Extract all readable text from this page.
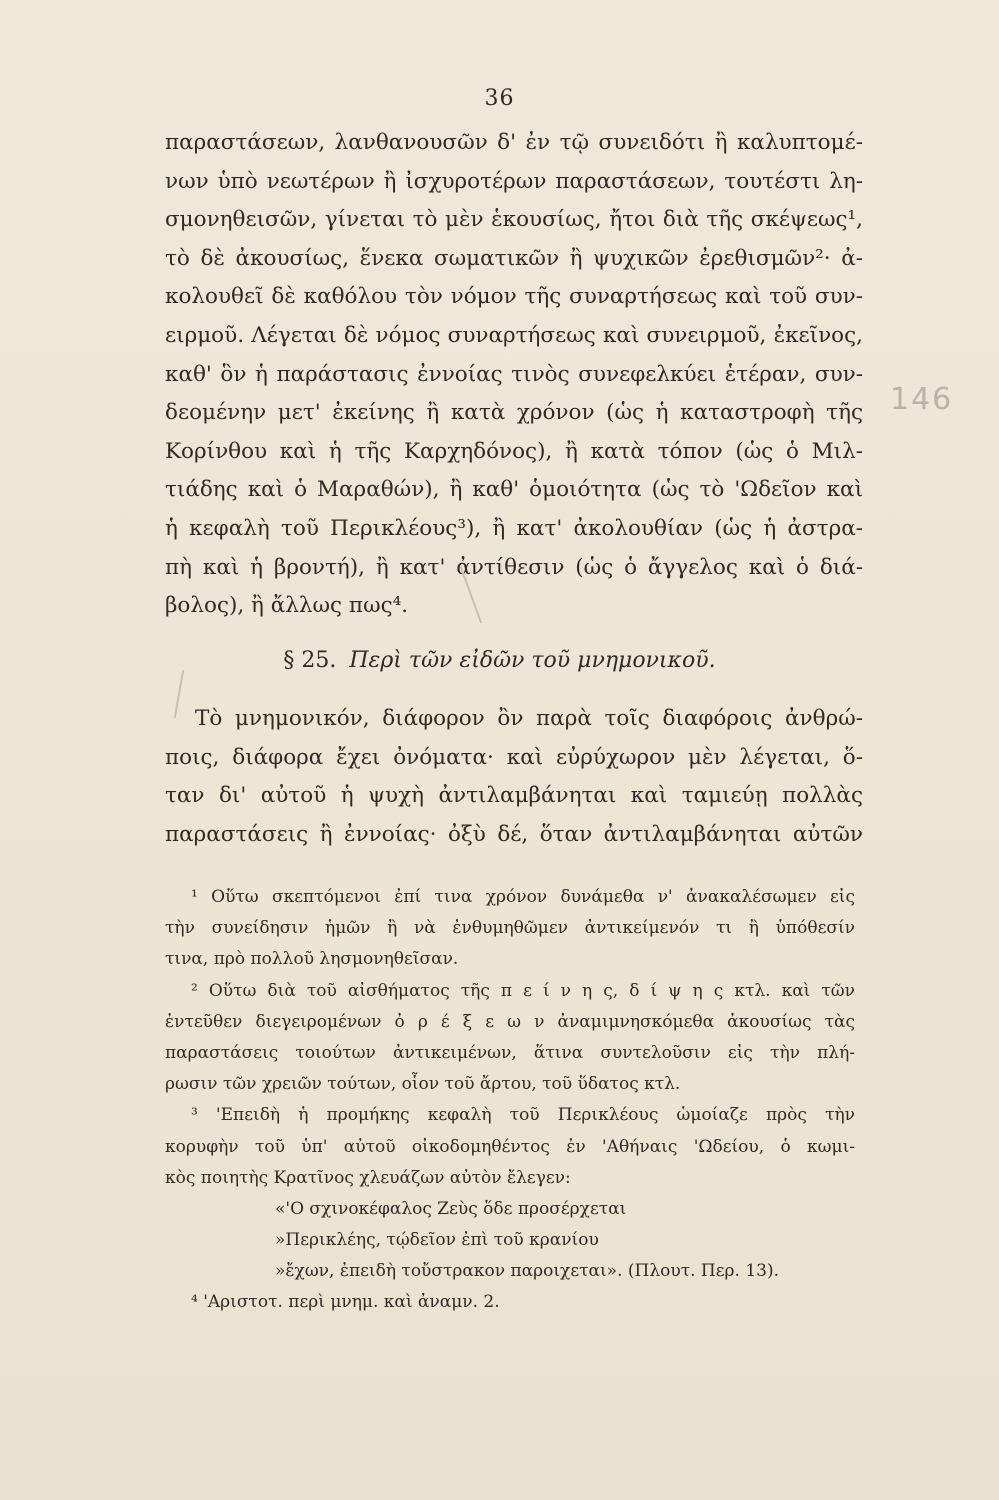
36
παραστάσεων, λανθανουσῶν δ' ἐν τῷ συνειδότι ἢ καλυπτομέ-
νων ὑπὸ νεωτέρων ἢ ἰσχυροτέρων παραστάσεων, τουτέστι λη-
σμονηθεισῶν, γίνεται τὸ μὲν ἑκουσίως, ἤτοι διὰ τῆς σκέψεως¹,
τὸ δὲ ἀκουσίως, ἕνεκα σωματικῶν ἢ ψυχικῶν ἐρεθισμῶν²· ἀ-
κολουθεῖ δὲ καθόλου τὸν νόμον τῆς συναρτήσεως καὶ τοῦ συν-
ειρμοῦ. Λέγεται δὲ νόμος συναρτήσεως καὶ συνειρμοῦ, ἐκεῖνος,
καθ' ὃν ἡ παράστασις ἐννοίας τινὸς συνεφελκύει ἑτέραν, συν-
δεομένην μετ' ἐκείνης ἢ κατὰ χρόνον (ὡς ἡ καταστροφὴ τῆς
Κορίνθου καὶ ἡ τῆς Καρχηδόνος), ἢ κατὰ τόπον (ὡς ὁ Μιλ-
τιάδης καὶ ὁ Μαραθών), ἢ καθ' ὁμοιότητα (ὡς τὸ 'Ωδεῖον καὶ
ἡ κεφαλὴ τοῦ Περικλέους³), ἢ κατ' ἀκολουθίαν (ὡς ἡ ἀστρα-
πὴ καὶ ἡ βροντή), ἢ κατ' ἀντίθεσιν (ὡς ὁ ἄγγελος καὶ ὁ διά-
βολος), ἢ ἄλλως πως⁴.
146
§ 25. Περὶ τῶν εἰδῶν τοῦ μνημονικοῦ.
Τὸ μνημονικόν, διάφορον ὂν παρὰ τοῖς διαφόροις ἀνθρώ-
ποις, διάφορα ἔχει ὀνόματα· καὶ εὐρύχωρον μὲν λέγεται, ὅ-
ταν δι' αὐτοῦ ἡ ψυχὴ ἀντιλαμβάνηται καὶ ταμιεύῃ πολλὰς
παραστάσεις ἢ ἐννοίας· ὀξὺ δέ, ὅταν ἀντιλαμβάνηται αὐτῶν
¹ Οὕτω σκεπτόμενοι ἐπί τινα χρόνον δυνάμεθα ν' ἀνακαλέσωμεν εἰς
τὴν συνείδησιν ἡμῶν ἢ νὰ ἐνθυμηθῶμεν ἀντικείμενόν τι ἢ ὑπόθεσίν
τινα, πρὸ πολλοῦ λησμονηθεῖσαν.
² Οὕτω διὰ τοῦ αἰσθήματος τῆς π ε ί ν η ς, δ ί ψ η ς κτλ. καὶ τῶν
ἐντεῦθεν διεγειρομένων ὀ ρ έ ξ ε ω ν ἀναμιμνησκόμεθα ἀκουσίως τὰς
παραστάσεις τοιούτων ἀντικειμένων, ἅτινα συντελοῦσιν εἰς τὴν πλή-
ρωσιν τῶν χρειῶν τούτων, οἷον τοῦ ἄρτου, τοῦ ὕδατος κτλ.
³ 'Επειδὴ ἡ προμήκης κεφαλὴ τοῦ Περικλέους ὡμοίαζε πρὸς τὴν
κορυφὴν τοῦ ὑπ' αὐτοῦ οἰκοδομηθέντος ἐν 'Αθήναις 'Ωδείου, ὁ κωμι-
κὸς ποιητὴς Κρατῖνος χλευάζων αὐτὸν ἔλεγεν:
«'Ο σχινοκέφαλος Ζεὺς ὅδε προσέρχεται
»Περικλέης, τῴδεῖον ἐπὶ τοῦ κρανίου
»ἔχων, ἐπειδὴ τοὔστρακον παροιχεται». (Πλουτ. Περ. 13).
⁴ 'Αριστοτ. περὶ μνημ. καὶ ἀναμν. 2.
